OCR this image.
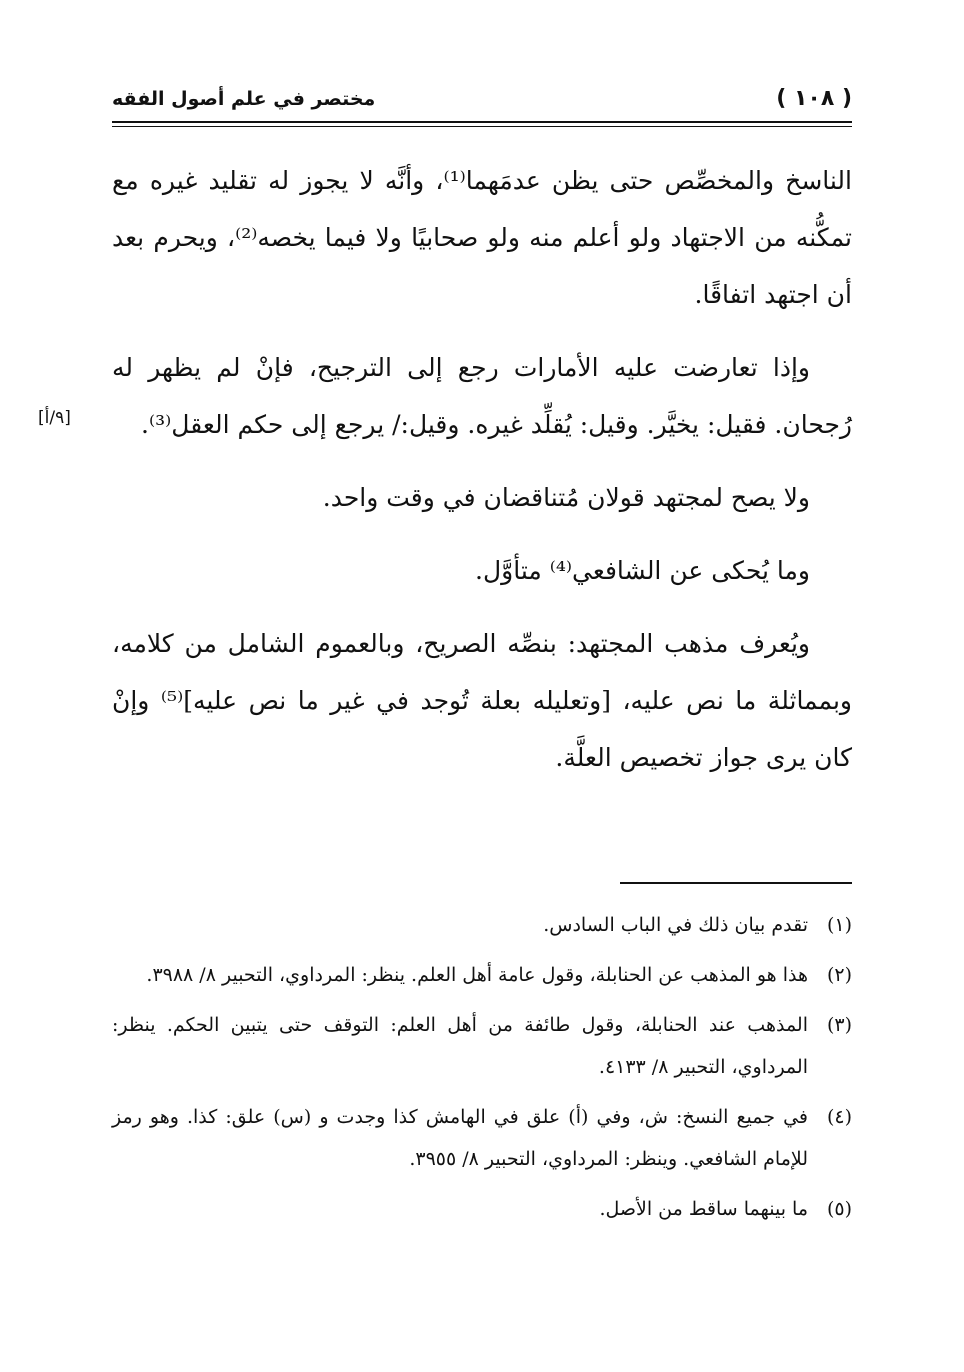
( ١٠٨ )
مختصر في علم أصول الفقه

الناسخ والمخصِّص حتى يظن عدمَهما⁽¹⁾، وأنَّه لا يجوز له تقليد غيره مع تمكُّنه من الاجتهاد ولو أعلم منه ولو صحابيًا ولا فيما يخصه⁽²⁾، ويحرم بعد أن اجتهد اتفاقًا.

وإذا تعارضت عليه الأمارات رجع إلى الترجيح، فإنْ لم يظهر له رُجحان. فقيل: يخيَّر. وقيل: يُقلِّد غيره. وقيل:/ يرجع إلى حكم العقل⁽³⁾.

ولا يصح لمجتهد قولان مُتناقضان في وقت واحد.

وما يُحكى عن الشافعي⁽⁴⁾ متأوَّل.

ويُعرف مذهب المجتهد: بنصِّه الصريح، وبالعموم الشامل من كلامه، وبمماثلة ما نص عليه، [وتعليله بعلة تُوجد في غير ما نص عليه]⁽⁵⁾ وإنْ كان يرى جواز تخصيص العلَّة.

[٩/أ]
(١)
تقدم بيان ذلك في الباب السادس.
(٢)
هذا هو المذهب عن الحنابلة، وقول عامة أهل العلم. ينظر: المرداوي، التحبير ٨/ ٣٩٨٨.
(٣)
المذهب عند الحنابلة، وقول طائفة من أهل العلم: التوقف حتى يتبين الحكم. ينظر: المرداوي، التحبير ٨/ ٤١٣٣.
(٤)
في جميع النسخ: ش، وفي (أ) علق في الهامش كذا وجدت و (س) علق: كذا. وهو رمز للإمام الشافعي. وينظر: المرداوي، التحبير ٨/ ٣٩٥٥.
(٥)
ما بينهما ساقط من الأصل.
